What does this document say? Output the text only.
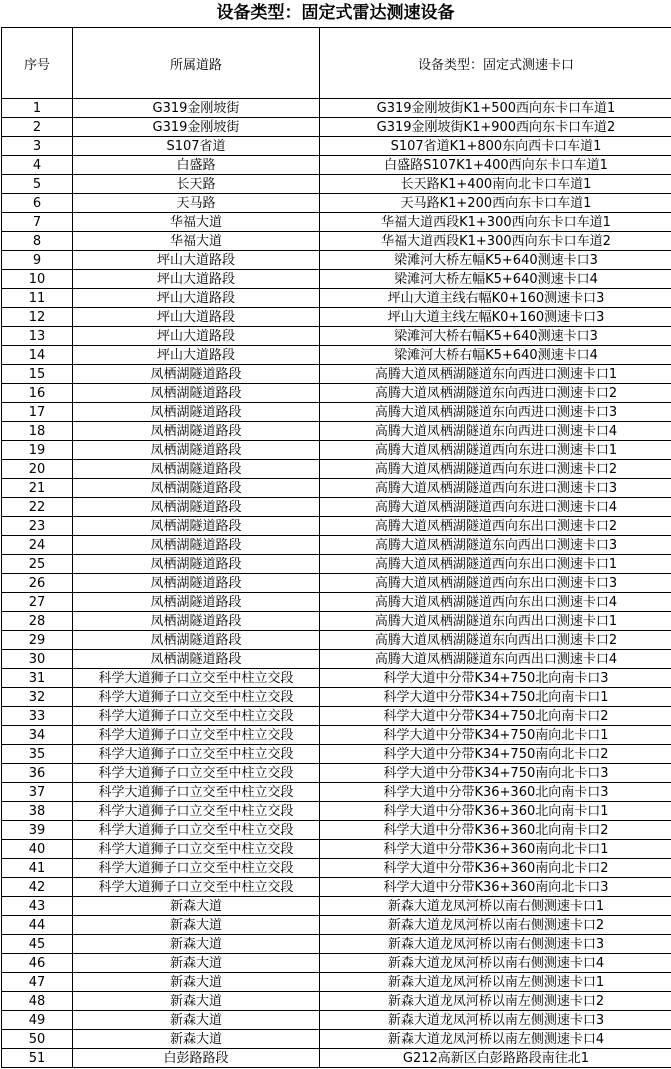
设备类型：固定式雷达测速设备
序号	所属道路	设备类型：固定式测速卡口
1	G319金刚坡街	G319金刚坡街K1+500西向东卡口车道1
2	G319金刚坡街	G319金刚坡街K1+900西向东卡口车道2
3	S107省道	S107省道K1+800东向西卡口车道1
4	白盛路	白盛路S107K1+400西向东卡口车道1
5	长天路	长天路K1+400南向北卡口车道1
6	天马路	天马路K1+200西向东卡口车道1
7	华福大道	华福大道西段K1+300西向东卡口车道1
8	华福大道	华福大道西段K1+300西向东卡口车道2
9	坪山大道路段	梁滩河大桥左幅K5+640测速卡口3
10	坪山大道路段	梁滩河大桥左幅K5+640测速卡口4
11	坪山大道路段	坪山大道主线右幅K0+160测速卡口3
12	坪山大道路段	坪山大道主线左幅K0+160测速卡口3
13	坪山大道路段	梁滩河大桥右幅K5+640测速卡口3
14	坪山大道路段	梁滩河大桥右幅K5+640测速卡口4
15	凤栖湖隧道路段	高腾大道凤栖湖隧道东向西进口测速卡口1
16	凤栖湖隧道路段	高腾大道凤栖湖隧道东向西进口测速卡口2
17	凤栖湖隧道路段	高腾大道凤栖湖隧道东向西进口测速卡口3
18	凤栖湖隧道路段	高腾大道凤栖湖隧道东向西进口测速卡口4
19	凤栖湖隧道路段	高腾大道凤栖湖隧道西向东进口测速卡口1
20	凤栖湖隧道路段	高腾大道凤栖湖隧道西向东进口测速卡口2
21	凤栖湖隧道路段	高腾大道凤栖湖隧道西向东进口测速卡口3
22	凤栖湖隧道路段	高腾大道凤栖湖隧道西向东进口测速卡口4
23	凤栖湖隧道路段	高腾大道凤栖湖隧道西向东出口测速卡口2
24	凤栖湖隧道路段	高腾大道凤栖湖隧道东向西出口测速卡口3
25	凤栖湖隧道路段	高腾大道凤栖湖隧道西向东出口测速卡口1
26	凤栖湖隧道路段	高腾大道凤栖湖隧道西向东出口测速卡口3
27	凤栖湖隧道路段	高腾大道凤栖湖隧道西向东出口测速卡口4
28	凤栖湖隧道路段	高腾大道凤栖湖隧道东向西出口测速卡口1
29	凤栖湖隧道路段	高腾大道凤栖湖隧道东向西出口测速卡口2
30	凤栖湖隧道路段	高腾大道凤栖湖隧道东向西出口测速卡口4
31	科学大道狮子口立交至中柱立交段	科学大道中分带K34+750北向南卡口3
32	科学大道狮子口立交至中柱立交段	科学大道中分带K34+750北向南卡口1
33	科学大道狮子口立交至中柱立交段	科学大道中分带K34+750北向南卡口2
34	科学大道狮子口立交至中柱立交段	科学大道中分带K34+750南向北卡口1
35	科学大道狮子口立交至中柱立交段	科学大道中分带K34+750南向北卡口2
36	科学大道狮子口立交至中柱立交段	科学大道中分带K34+750南向北卡口3
37	科学大道狮子口立交至中柱立交段	科学大道中分带K36+360北向南卡口3
38	科学大道狮子口立交至中柱立交段	科学大道中分带K36+360北向南卡口1
39	科学大道狮子口立交至中柱立交段	科学大道中分带K36+360北向南卡口2
40	科学大道狮子口立交至中柱立交段	科学大道中分带K36+360南向北卡口1
41	科学大道狮子口立交至中柱立交段	科学大道中分带K36+360南向北卡口2
42	科学大道狮子口立交至中柱立交段	科学大道中分带K36+360南向北卡口3
43	新森大道	新森大道龙凤河桥以南右侧测速卡口1
44	新森大道	新森大道龙凤河桥以南右侧测速卡口2
45	新森大道	新森大道龙凤河桥以南右侧测速卡口3
46	新森大道	新森大道龙凤河桥以南右侧测速卡口4
47	新森大道	新森大道龙凤河桥以南左侧测速卡口1
48	新森大道	新森大道龙凤河桥以南左侧测速卡口2
49	新森大道	新森大道龙凤河桥以南左侧测速卡口3
50	新森大道	新森大道龙凤河桥以南左侧测速卡口4
51	白彭路路段	G212高新区白彭路路段南往北1
